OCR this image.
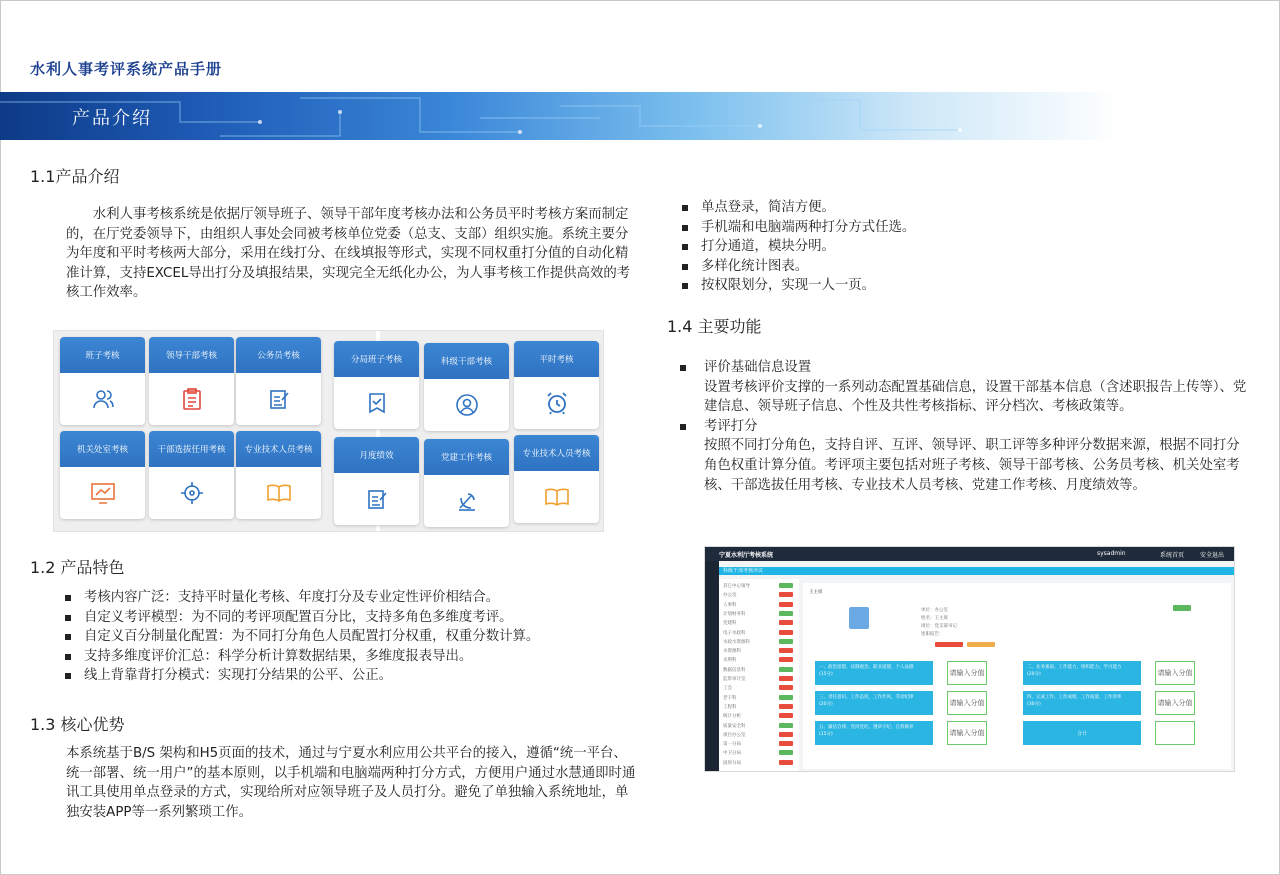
水利人事考评系统产品手册
产品介绍
1.1产品介绍
水利人事考核系统是依据厅领导班子、领导干部年度考核办法和公务员平时考核方案而制定的，在厅党委领导下，由组织人事处会同被考核单位党委（总支、支部）组织实施。系统主要分为年度和平时考核两大部分，采用在线打分、在线填报等形式，实现不同权重打分值的自动化精准计算，支持EXCEL导出打分及填报结果，实现完全无纸化办公，为人事考核工作提供高效的考核工作效率。
班子考核	领导干部考核	公务员考核
机关处室考核	干部选拔任用考核	专业技术人员考核
分局班子考核	科级干部考核	平时考核
月度绩效	党建工作考核	专业技术人员考核
1.2 产品特色
考核内容广泛：支持平时量化考核、年度打分及专业定性评价相结合。
自定义考评模型：为不同的考评项配置百分比，支持多角色多维度考评。
自定义百分制量化配置：为不同打分角色人员配置打分权重，权重分数计算。
支持多维度评价汇总：科学分析计算数据结果，多维度报表导出。
线上背靠背打分模式：实现打分结果的公平、公正。
1.3 核心优势
本系统基于B/S 架构和H5页面的技术，通过与宁夏水利应用公共平台的接入，遵循“统一平台、统一部署、统一用户”的基本原则，以手机端和电脑端两种打分方式，方便用户通过水慧通即时通讯工具使用单点登录的方式，实现给所对应领导班子及人员打分。避免了单独输入系统地址，单独安装APP等一系列繁琐工作。
单点登录，简洁方便。
手机端和电脑端两种打分方式任选。
打分通道，模块分明。
多样化统计图表。
按权限划分，实现一人一页。
1.4 主要功能
评价基础信息设置
设置考核评价支撑的一系列动态配置基础信息，设置干部基本信息（含述职报告上传等）、党建信息、领导班子信息、个性及共性考核指标、评分档次、考核政策等。
考评打分
按照不同打分角色，支持自评、互评、领导评、职工评等多种评分数据来源，根据不同打分角色权重计算分值。考评项主要包括对班子考核、领导干部考核、公务员考核、机关处室考核、干部选拔任用考核、专业技术人员考核、党建工作考核、月度绩效等。
宁夏水利厅考核系统	sysadmin	系统首页	安全退出
科级干部考核评议
其它中心领导
办公室
人事科
计划财务科
党建科
电子水政科
水政水资源科
水资源科
水利科
数据信息科
监察审计室
工会
老干科
工程科
统计分析
质量安全科
项目办公室
第一分局
中卫分局
固原分局
王主席
单位：办公室
姓名：王主席
岗位：党支部书记
述职报告：
一、政治思想、法制观念、职业道德、个人品德
(15分)	请输入分值
二、业务素质、工作能力、组织能力、学习能力
(20分)	请输入分值
三、责任意识、工作态度、工作作风、劳动纪律
(20分)	请输入分值
四、完成工作、工作成绩、工作质量、工作效率
(30分)	请输入分值
五、廉洁自律、党风党纪、遵章守纪、自我修养
(15分)	请输入分值	合计
